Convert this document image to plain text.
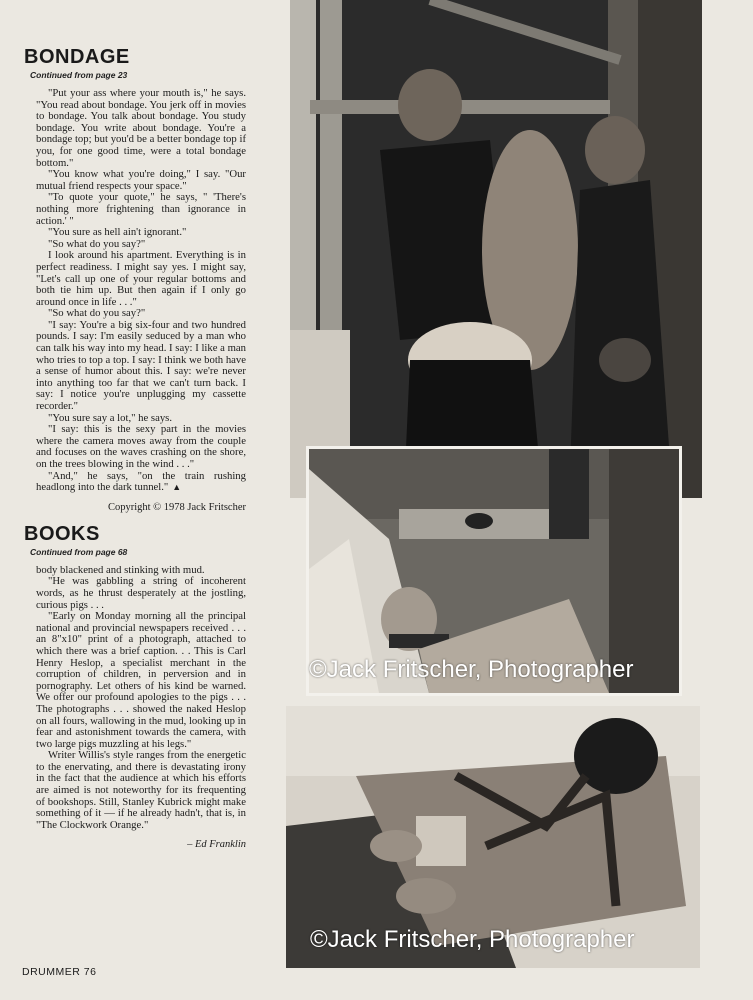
BONDAGE
Continued from page 23

"Put your ass where your mouth is," he says. "You read about bondage. You jerk off in movies to bondage. You talk about bondage. You study bondage. You write about bondage. You're a bondage top; but you'd be a better bondage top if you, for one good time, were a total bondage bottom."

"You know what you're doing," I say. "Our mutual friend respects your space."

"To quote your quote," he says, " 'There's nothing more frightening than ignorance in action.' "

"You sure as hell ain't ignorant."

"So what do you say?"

I look around his apartment. Everything is in perfect readiness. I might say yes. I might say, "Let's call up one of your regular bottoms and both tie him up. But then again if I only go around once in life . . ."

"So what do you say?"

"I say: You're a big six-four and two hundred pounds. I say: I'm easily seduced by a man who can talk his way into my head. I say: I like a man who tries to top a top. I say: I think we both have a sense of humor about this. I say: we're never into anything too far that we can't turn back. I say: I notice you're unplugging my cassette recorder."

"You sure say a lot," he says.

"I say: this is the sexy part in the movies where the camera moves away from the couple and focuses on the waves crashing on the shore, on the trees blowing in the wind . . ."

"And," he says, "on the train rushing headlong into the dark tunnel." ▲

Copyright © 1978 Jack Fritscher
BOOKS
Continued from page 68

body blackened and stinking with mud.

"He was gabbling a string of incoherent words, as he thrust desperately at the jostling, curious pigs . . .

"Early on Monday morning all the principal national and provincial newspapers received . . . an 8"x10" print of a photograph, attached to which there was a brief caption. . . This is Carl Henry Heslop, a specialist merchant in the corruption of children, in perversion and in pornography. Let others of his kind be warned. We offer our profound apologies to the pigs . . . The photographs . . . showed the naked Heslop on all fours, wallowing in the mud, looking up in fear and astonishment towards the camera, with two large pigs muzzling at his legs."

Writer Willis's style ranges from the energetic to the enervating, and there is devastating irony in the fact that the audience at which his efforts are aimed is not noteworthy for its frequenting of bookshops. Still, Stanley Kubrick might make something of it — if he already hadn't, that is, in "The Clockwork Orange."

– Ed Franklin
DRUMMER 76
©Jack Fritscher, Photographer
©Jack Fritscher, Photographer
